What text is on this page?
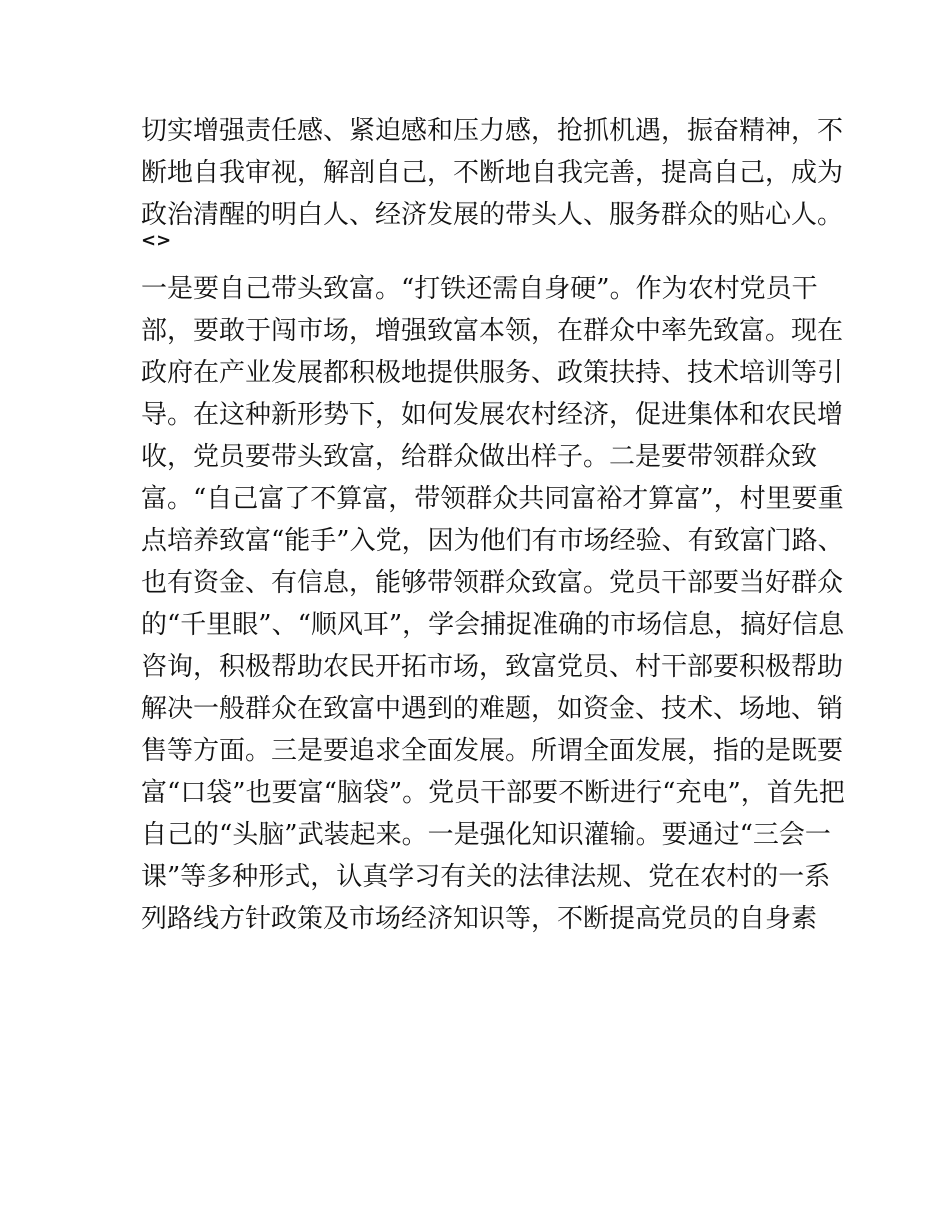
切实增强责任感、紧迫感和压力感，抢抓机遇，振奋精神，不
断地自我审视，解剖自己，不断地自我完善，提高自己，成为
政治清醒的明白人、经济发展的带头人、服务群众的贴心人。
<>
一是要自己带头致富。“打铁还需自身硬”。作为农村党员干
部，要敢于闯市场，增强致富本领，在群众中率先致富。现在
政府在产业发展都积极地提供服务、政策扶持、技术培训等引
导。在这种新形势下，如何发展农村经济，促进集体和农民增
收，党员要带头致富，给群众做出样子。二是要带领群众致
富。“自己富了不算富，带领群众共同富裕才算富”，村里要重
点培养致富“能手”入党，因为他们有市场经验、有致富门路、
也有资金、有信息，能够带领群众致富。党员干部要当好群众
的“千里眼”、“顺风耳”，学会捕捉准确的市场信息，搞好信息
咨询，积极帮助农民开拓市场，致富党员、村干部要积极帮助
解决一般群众在致富中遇到的难题，如资金、技术、场地、销
售等方面。三是要追求全面发展。所谓全面发展，指的是既要
富“口袋”也要富“脑袋”。党员干部要不断进行“充电”，首先把
自己的“头脑”武装起来。一是强化知识灌输。要通过“三会一
课”等多种形式，认真学习有关的法律法规、党在农村的一系
列路线方针政策及市场经济知识等，不断提高党员的自身素
